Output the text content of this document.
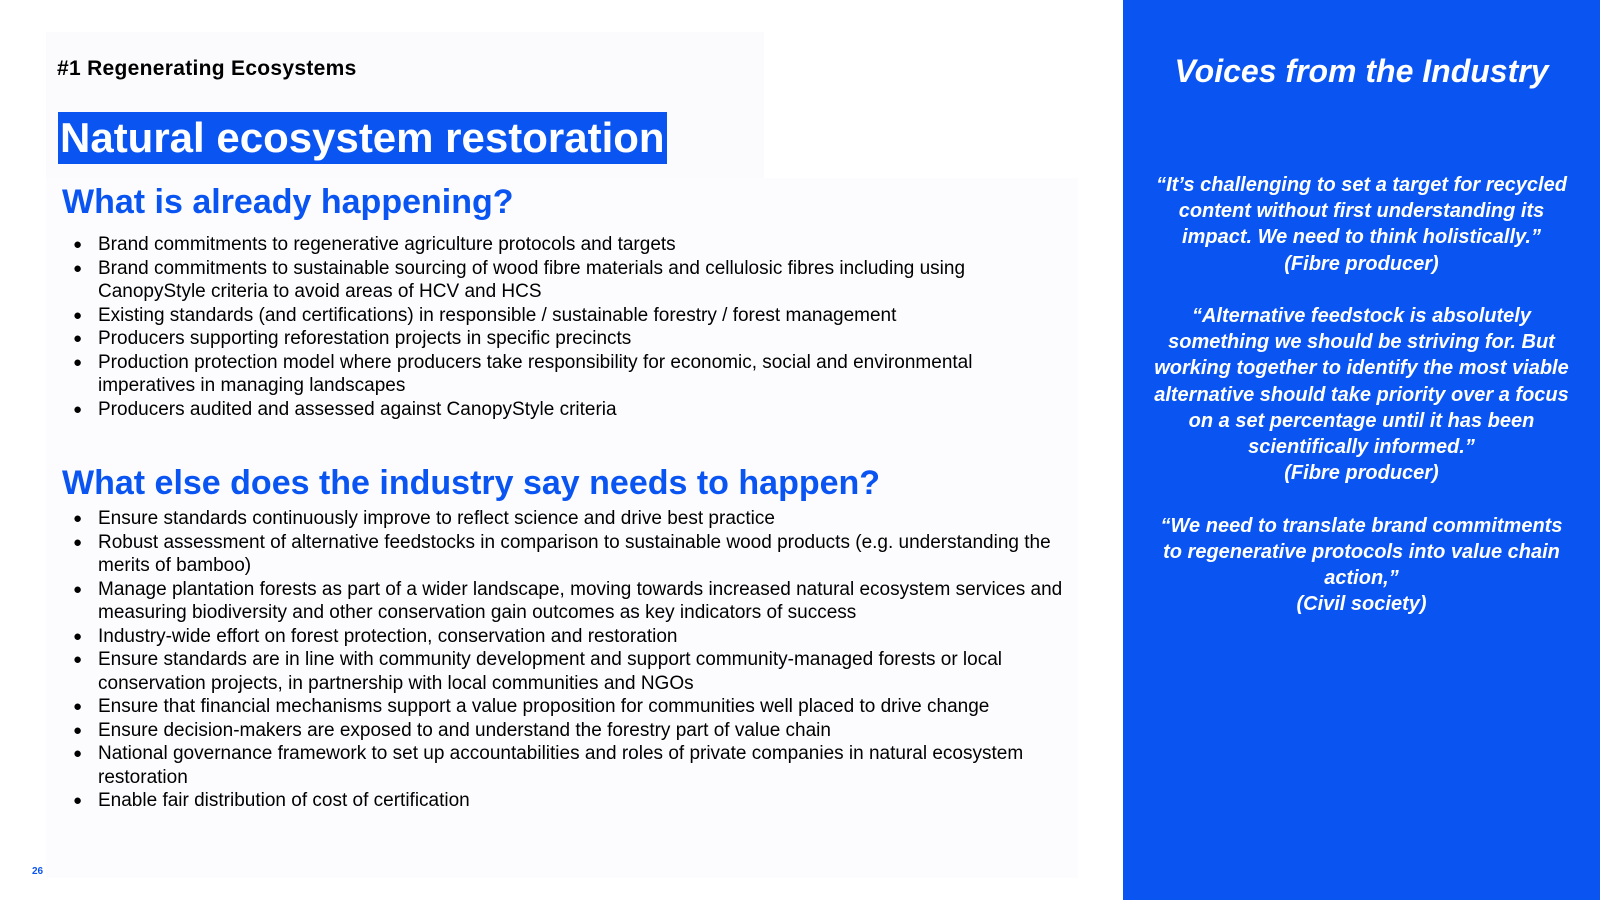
#1 Regenerating Ecosystems
Natural ecosystem restoration
What is already happening?
● Brand commitments to regenerative agriculture protocols and targets
● Brand commitments to sustainable sourcing of wood fibre materials and cellulosic fibres including using CanopyStyle criteria to avoid areas of HCV and HCS
● Existing standards (and certifications) in responsible / sustainable forestry / forest management
● Producers supporting reforestation projects in specific precincts
● Production protection model where producers take responsibility for economic, social and environmental imperatives in managing landscapes
● Producers audited and assessed against CanopyStyle criteria
What else does the industry say needs to happen?
● Ensure standards continuously improve to reflect science and drive best practice
● Robust assessment of alternative feedstocks in comparison to sustainable wood products (e.g. understanding the merits of bamboo)
● Manage plantation forests as part of a wider landscape, moving towards increased natural ecosystem services and measuring biodiversity and other conservation gain outcomes as key indicators of success
● Industry-wide effort on forest protection, conservation and restoration
● Ensure standards are in line with community development and support community-managed forests or local conservation projects, in partnership with local communities and NGOs
● Ensure that financial mechanisms support a value proposition for communities well placed to drive change
● Ensure decision-makers are exposed to and understand the forestry part of value chain
● National governance framework to set up accountabilities and roles of private companies in natural ecosystem restoration
● Enable fair distribution of cost of certification
26
Voices from the Industry

“It’s challenging to set a target for recycled content without first understanding its impact. We need to think holistically.”

(Fibre producer)

“Alternative feedstock is absolutely something we should be striving for. But working together to identify the most viable alternative should take priority over a focus on a set percentage until it has been scientifically informed.”

(Fibre producer)

“We need to translate brand commitments to regenerative protocols into value chain action,”

(Civil society)
